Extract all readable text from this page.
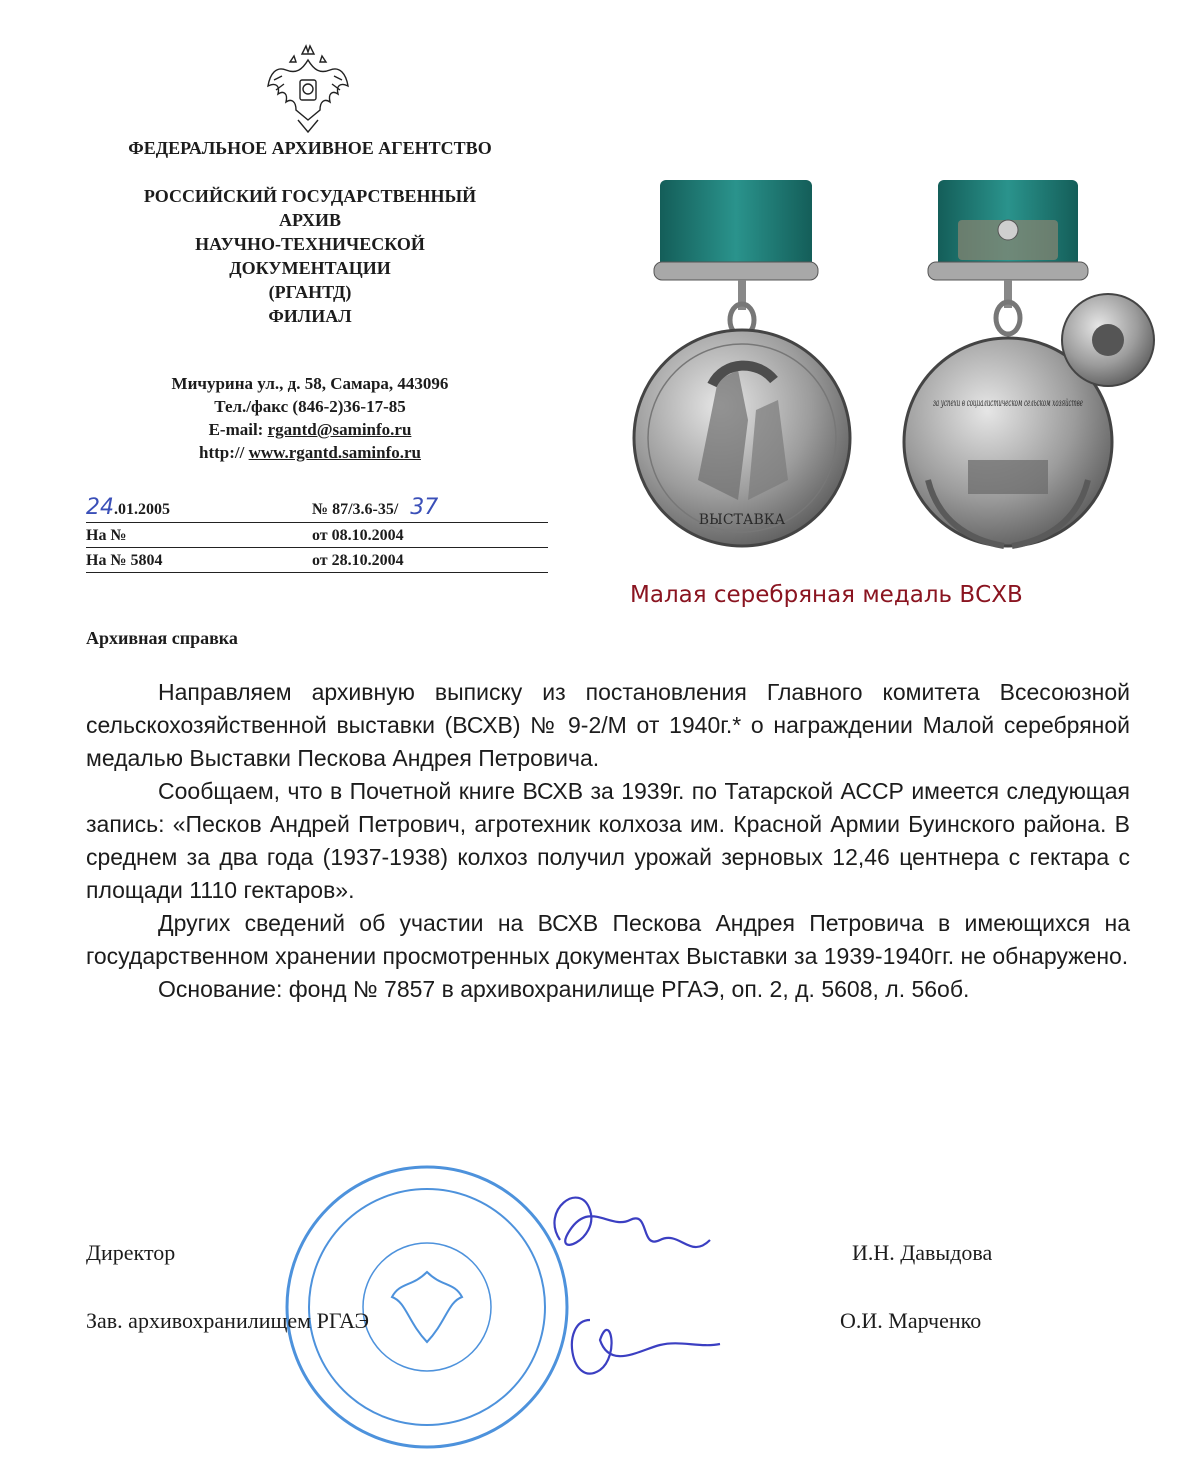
ФЕДЕРАЛЬНОЕ АРХИВНОЕ АГЕНТСТВО
РОССИЙСКИЙ ГОСУДАРСТВЕННЫЙ
АРХИВ
НАУЧНО-ТЕХНИЧЕСКОЙ
ДОКУМЕНТАЦИИ
(РГАНТД)
ФИЛИАЛ
Мичурина ул., д. 58, Самара, 443096
Тел./факс (846-2)36-17-85
E-mail: rgantd@saminfo.ru
http:// www.rgantd.saminfo.ru
24.01.2005	№ 87/3.6-35/ 37
На №	от 08.10.2004
На № 5804	от 28.10.2004
ВЫСТАВКА
за успехи в социалистическом сельском хозяйстве
Малая серебряная медаль ВСХВ
Архивная справка

Направляем архивную выписку из постановления Главного комитета Всесоюзной сельскохозяйственной выставки (ВСХВ) № 9-2/М от 1940г.* о награждении Малой серебряной медалью Выставки Пескова Андрея Петровича.

Сообщаем, что в Почетной книге ВСХВ за 1939г. по Татарской АССР имеется следующая запись: «Песков Андрей Петрович, агротехник колхоза им. Красной Армии Буинского района. В среднем за два года (1937-1938) колхоз получил урожай зерновых 12,46 центнера с гектара с площади 1110 гектаров».

Других сведений об участии на ВСХВ Пескова Андрея Петровича в имеющихся на государственном хранении просмотренных документах Выставки за 1939-1940гг. не обнаружено.

Основание: фонд № 7857 в архивохранилище РГАЭ, оп. 2, д. 5608, л. 56об.

Директор	И.Н. Давыдова
Зав. архивохранилищем РГАЭ	О.И. Марченко
